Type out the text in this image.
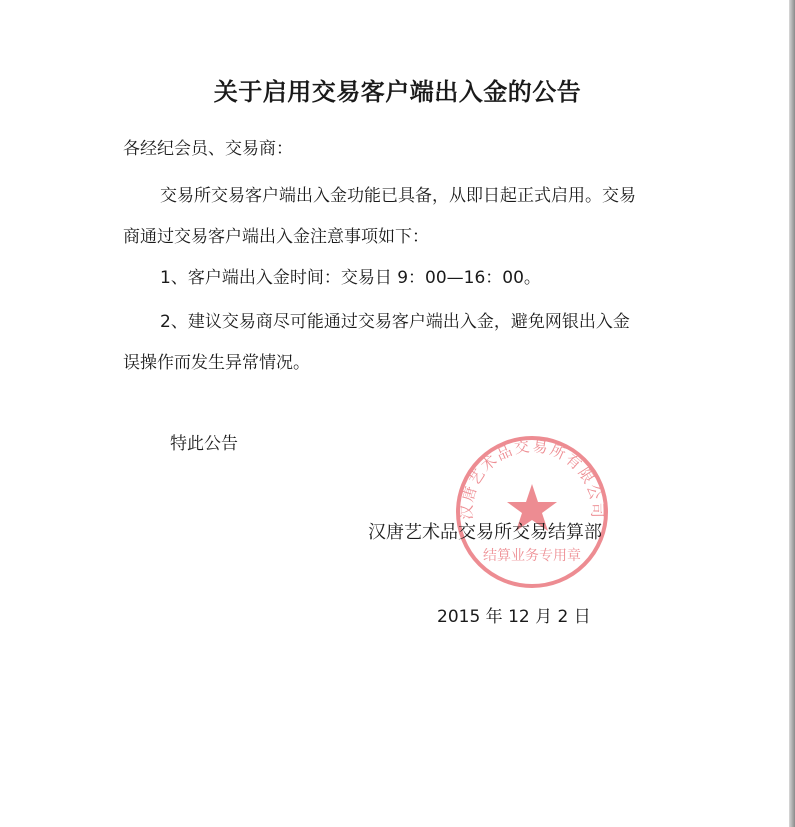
关于启用交易客户端出入金的公告
各经纪会员、交易商：
交易所交易客户端出入金功能已具备，从即日起正式启用。交易
商通过交易客户端出入金注意事项如下：
1、客户端出入金时间：交易日 9：00—16：00。
2、建议交易商尽可能通过交易客户端出入金，避免网银出入金
误操作而发生异常情况。
特此公告
汉唐艺术品交易所有限公司
结算业务专用章
汉唐艺术品交易所交易结算部
2015 年 12 月 2 日
